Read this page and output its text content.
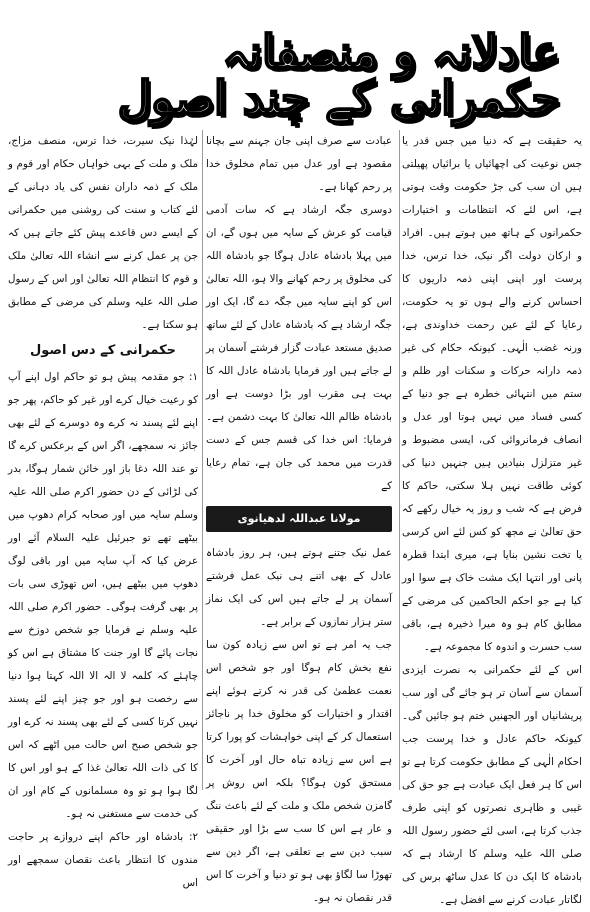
عادلانہ و منصفانہ حکمرانی کے چند اصول

یہ حقیقت ہے کہ دنیا میں جس قدر یا جس نوعیت کی اچھائیاں یا برائیاں پھیلتی ہیں ان سب کی جڑ حکومت وقت ہوتی ہے، اس لئے کہ انتظامات و اختیارات حکمرانوں کے ہاتھ میں ہوتے ہیں۔ افراد و ارکان دولت اگر نیک، خدا ترس، خدا پرست اور اپنی اپنی ذمہ داریوں کا احساس کرنے والے ہوں تو یہ حکومت، رعایا کے لئے عین رحمت خداوندی ہے، ورنہ غضب الٰہی۔ کیونکہ حکام کی غیر ذمہ دارانہ حرکات و سکنات اور ظلم و ستم میں انتہائی خطرہ ہے جو دنیا کے کسی فساد میں نہیں ہوتا اور عدل و انصاف فرمانروائی کی، ایسی مضبوط و غیر متزلزل بنیادیں ہیں جنہیں دنیا کی کوئی طاقت نہیں ہلا سکتی، حاکم کا فرض ہے کہ شب و روز یہ خیال رکھے کہ حق تعالیٰ نے مجھ کو کس لئے اس کرسی یا تخت نشین بنایا ہے، میری ابتدا قطرہ پانی اور انتہا ایک مشت خاک ہے سوا اور کیا ہے جو احکم الحاکمین کی مرضی کے مطابق کام ہو وہ میرا ذخیرہ ہے، باقی سب حسرت و اندوہ کا مجموعہ ہے۔

اس کے لئے حکمرانی بہ نصرت ایزدی آسمان سے آسان تر ہو جائے گی اور سب پریشانیاں اور الجھنیں ختم ہو جائیں گی۔ کیونکہ حاکم عادل و خدا پرست جب احکام الٰہی کے مطابق حکومت کرتا ہے تو اس کا ہر فعل ایک عبادت ہے جو حق کی غیبی و ظاہری نصرتوں کو اپنی طرف جذب کرتا ہے، اسی لئے حضور رسول اللہ صلی اللہ علیہ وسلم کا ارشاد ہے کہ بادشاہ کا ایک دن کا عدل ساٹھ برس کی لگاتار عبادت کرنے سے افضل ہے۔

عبادت سے صرف اپنی جان جہنم سے بچانا مقصود ہے اور عدل میں تمام مخلوق خدا پر رحم کھانا ہے۔

دوسری جگہ ارشاد ہے کہ سات آدمی قیامت کو عرش کے سایہ میں ہوں گے، ان میں پہلا بادشاہ عادل ہوگا جو بادشاہ اللہ کی مخلوق پر رحم کھانے والا ہو، اللہ تعالیٰ اس کو اپنے سایہ میں جگہ دے گا، ایک اور جگہ ارشاد ہے کہ بادشاہ عادل کے لئے ساتھ صدیق مستعد عبادت گزار فرشتے آسمان پر لے جاتے ہیں اور فرمایا بادشاہ عادل اللہ کا بہت ہی مقرب اور بڑا دوست ہے اور بادشاہ ظالم اللہ تعالیٰ کا بہت دشمن ہے۔ فرمایا: اس خدا کی قسم جس کے دست قدرت میں محمد کی جان ہے، تمام رعایا کے

مولانا عبداللہ لدھیانوی

عمل نیک جتنے ہوتے ہیں، ہر روز بادشاہ عادل کے بھی اتنے ہی نیک عمل فرشتے آسمان پر لے جاتے ہیں اس کی ایک نماز ستر ہزار نمازوں کے برابر ہے۔

جب یہ امر ہے تو اس سے زیادہ کون سا نفع بخش کام ہوگا اور جو شخص اس نعمت عظمیٰ کی قدر نہ کرتے ہوئے اپنے اقتدار و اختیارات کو مخلوق خدا پر ناجائز استعمال کر کے اپنی خواہشات کو پورا کرتا ہے اس سے زیادہ تباہ حال اور آخرت کا مستحق کون ہوگا؟ بلکہ اس روش پر گامزن شخص ملک و ملت کے لئے باعث ننگ و عار ہے اس کا سب سے بڑا اور حقیقی سبب دین سے بے تعلقی ہے، اگر دین سے تھوڑا سا لگاؤ بھی ہو تو دنیا و آخرت کا اس قدر نقصان نہ ہو۔

لہٰذا نیک سیرت، خدا ترس، منصف مزاج، ملک و ملت کے بہی خواہاں حکام اور قوم و ملک کے ذمہ داران نفس کی یاد دہانی کے لئے کتاب و سنت کی روشنی میں حکمرانی کے ایسے دس قاعدے پیش کئے جاتے ہیں کہ جن پر عمل کرنے سے انشاء اللہ تعالیٰ ملک و قوم کا انتظام اللہ تعالیٰ اور اس کے رسول صلی اللہ علیہ وسلم کی مرضی کے مطابق ہو سکتا ہے۔

حکمرانی کے دس اصول

۱: جو مقدمہ پیش ہو تو حاکم اول اپنے آپ کو رعیت خیال کرے اور غیر کو حاکم، پھر جو اپنے لئے پسند نہ کرے وہ دوسرے کے لئے بھی جائز نہ سمجھے، اگر اس کے برعکس کرے گا تو عند اللہ دغا باز اور خائن شمار ہوگا، بدر کی لڑائی کے دن حضور اکرم صلی اللہ علیہ وسلم سایہ میں اور صحابہ کرام دھوپ میں بیٹھے تھے تو جبرئیل علیہ السلام آئے اور عرض کیا کہ آپ سایہ میں اور باقی لوگ دھوپ میں بیٹھے ہیں، اس تھوڑی سی بات پر بھی گرفت ہوگی۔ حضور اکرم صلی اللہ علیہ وسلم نے فرمایا جو شخص دوزخ سے نجات پائے گا اور جنت کا مشتاق ہے اس کو چاہئے کہ کلمہ لا الہ الا اللہ کہتا ہوا دنیا سے رخصت ہو اور جو چیز اپنے لئے پسند نہیں کرتا کسی کے لئے بھی پسند نہ کرے اور جو شخص صبح اس حالت میں اٹھے کہ اس کا کی ذات اللہ تعالیٰ غذا کے ہو اور اس کا لگا ہوا ہو تو وہ مسلمانوں کے کام اور ان کی خدمت سے مستغنی نہ ہو۔

۲: بادشاہ اور حاکم اپنے دروازے پر حاجت مندوں کا انتظار باعث نقصان سمجھے اور اس
